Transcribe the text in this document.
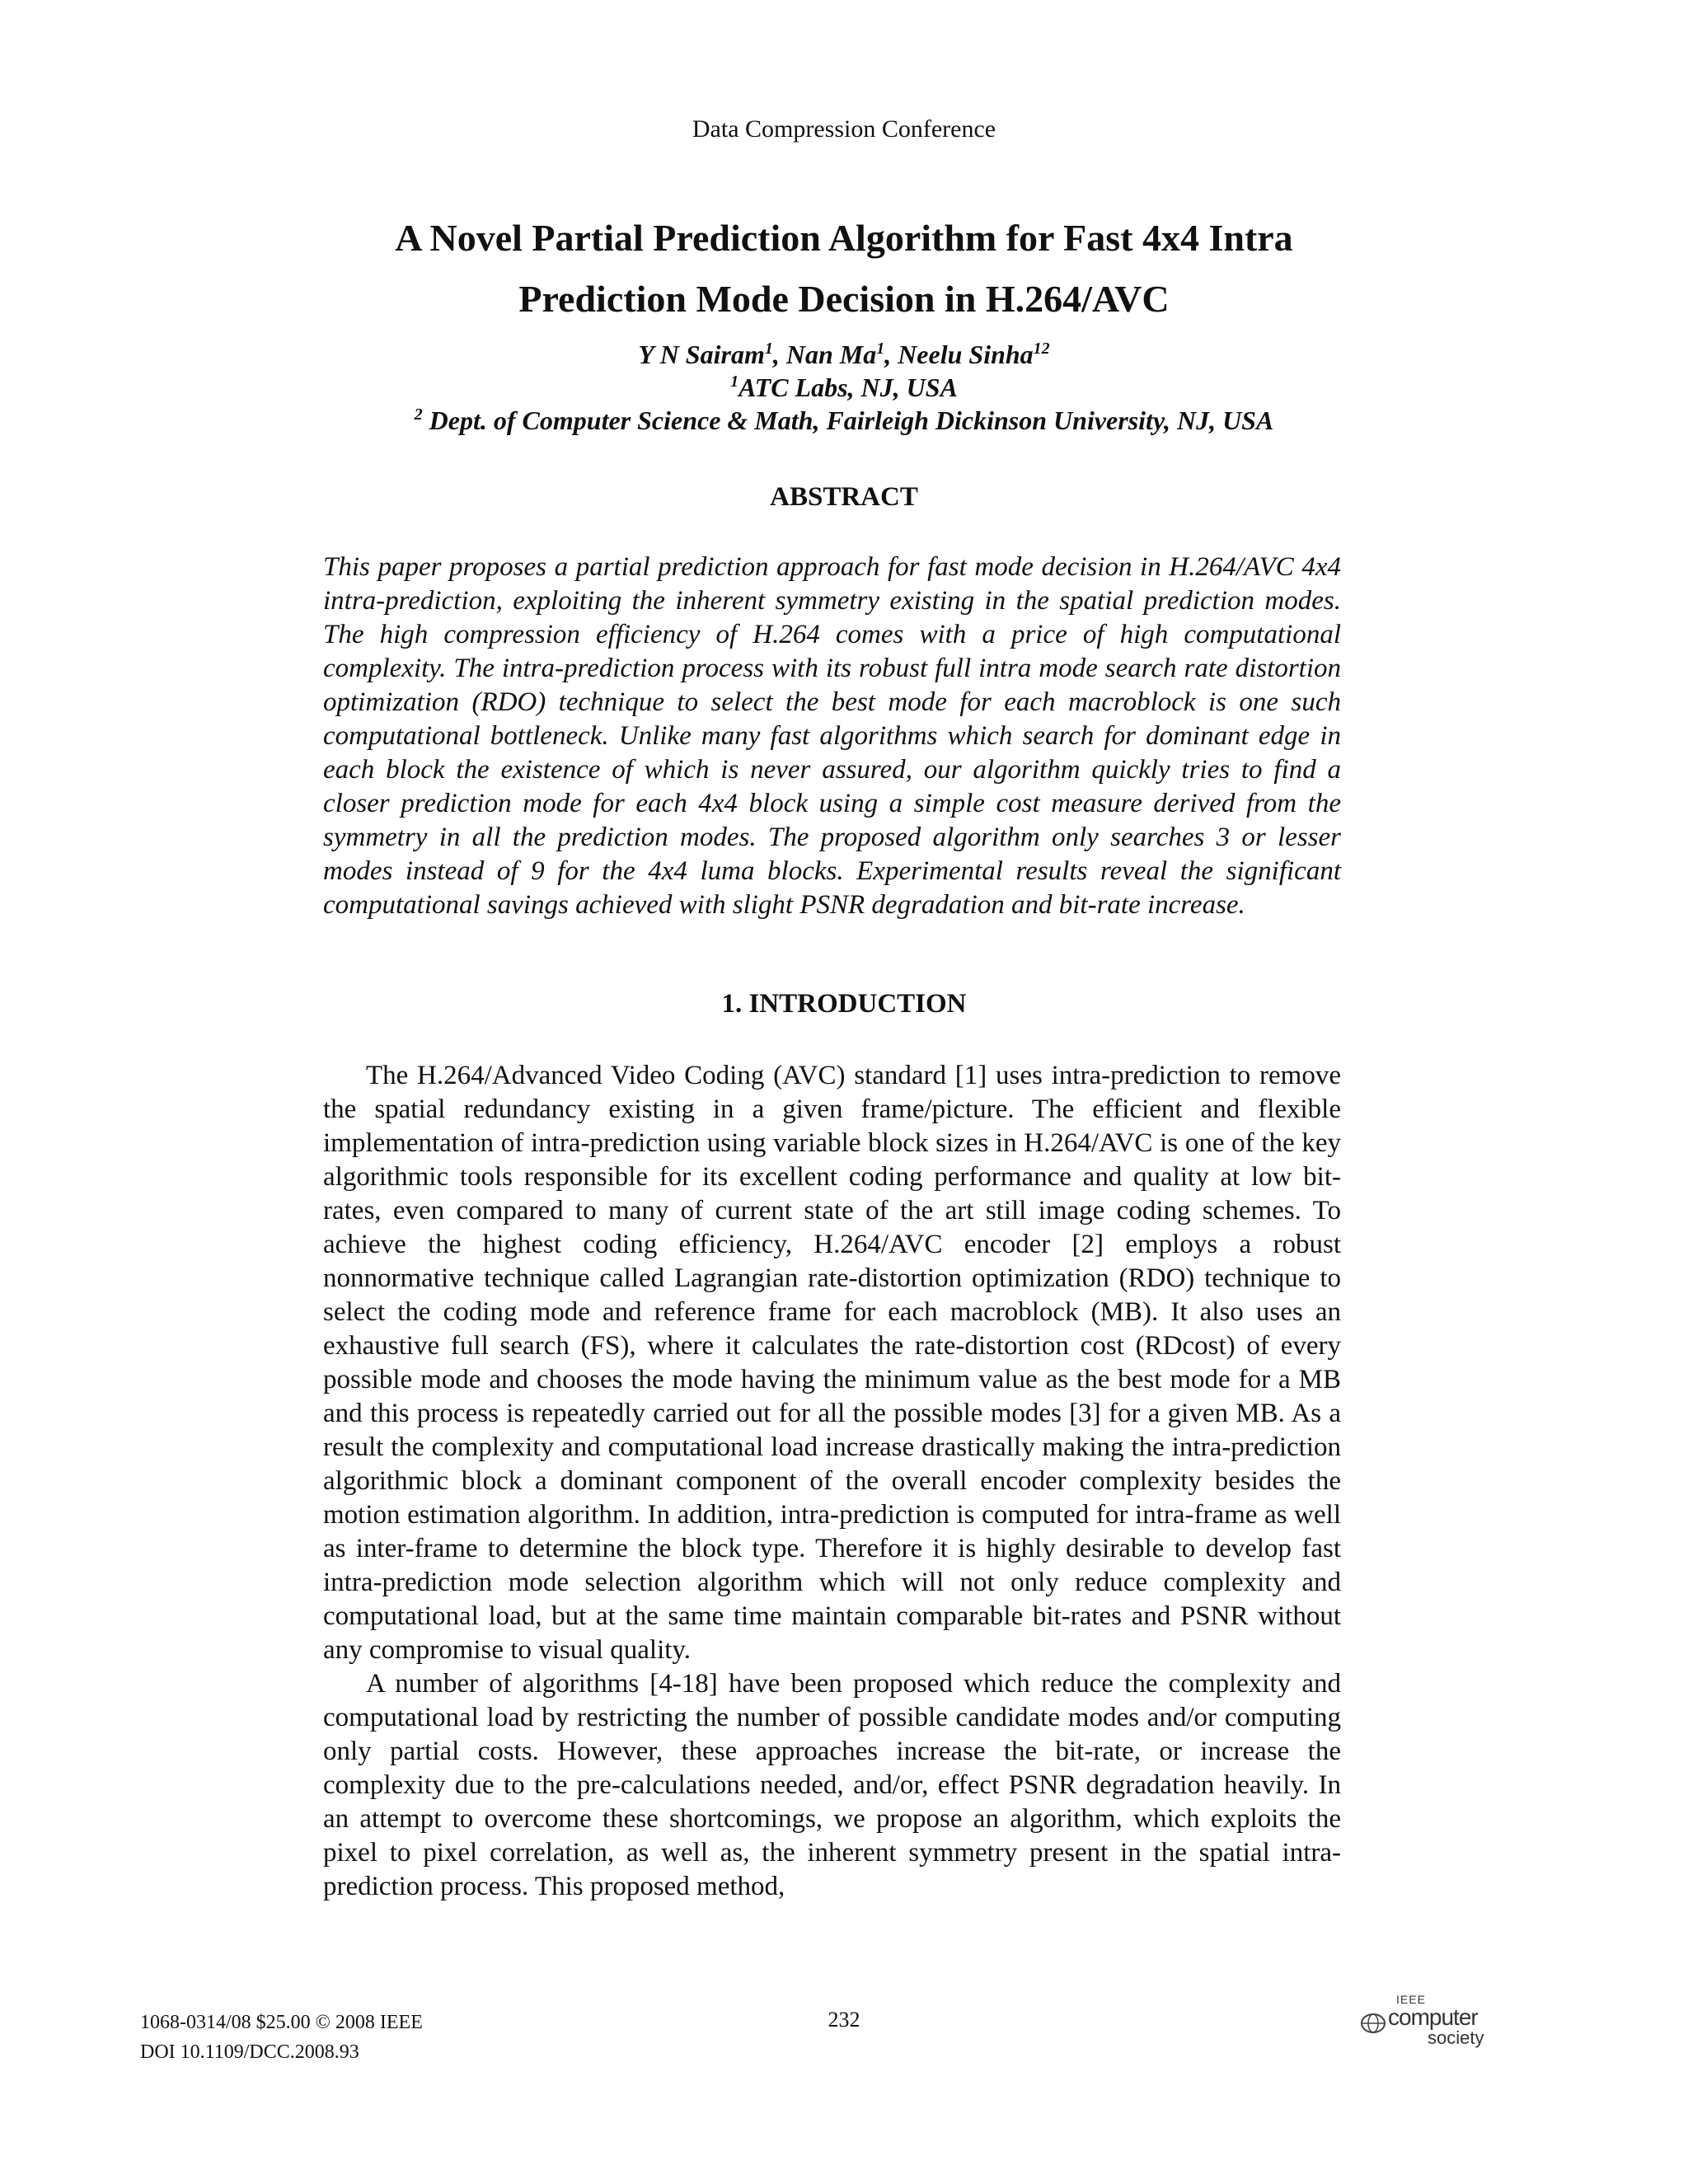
Data Compression Conference
A Novel Partial Prediction Algorithm for Fast 4x4 Intra
Prediction Mode Decision in H.264/AVC
Y N Sairam$^1$, Nan Ma$^1$, Neelu Sinha$^{12}$
$^1$ATC Labs, NJ, USA
$^2$ Dept. of Computer Science & Math, Fairleigh Dickinson University, NJ, USA
ABSTRACT

This paper proposes a partial prediction approach for fast mode decision in H.264/AVC 4x4 intra-prediction, exploiting the inherent symmetry existing in the spatial prediction modes. The high compression efficiency of H.264 comes with a price of high computational complexity. The intra-prediction process with its robust full intra mode search rate distortion optimization (RDO) technique to select the best mode for each macroblock is one such computational bottleneck. Unlike many fast algorithms which search for dominant edge in each block the existence of which is never assured, our algorithm quickly tries to find a closer prediction mode for each 4x4 block using a simple cost measure derived from the symmetry in all the prediction modes. The proposed algorithm only searches 3 or lesser modes instead of 9 for the 4x4 luma blocks. Experimental results reveal the significant computational savings achieved with slight PSNR degradation and bit-rate increase.

1. INTRODUCTION

The H.264/Advanced Video Coding (AVC) standard [1] uses intra-prediction to remove the spatial redundancy existing in a given frame/picture. The efficient and flexible implementation of intra-prediction using variable block sizes in H.264/AVC is one of the key algorithmic tools responsible for its excellent coding performance and quality at low bit-rates, even compared to many of current state of the art still image coding schemes. To achieve the highest coding efficiency, H.264/AVC encoder [2] employs a robust nonnormative technique called Lagrangian rate-distortion optimization (RDO) technique to select the coding mode and reference frame for each macroblock (MB). It also uses an exhaustive full search (FS), where it calculates the rate-distortion cost (RDcost) of every possible mode and chooses the mode having the minimum value as the best mode for a MB and this process is repeatedly carried out for all the possible modes [3] for a given MB. As a result the complexity and computational load increase drastically making the intra-prediction algorithmic block a dominant component of the overall encoder complexity besides the motion estimation algorithm. In addition, intra-prediction is computed for intra-frame as well as inter-frame to determine the block type. Therefore it is highly desirable to develop fast intra-prediction mode selection algorithm which will not only reduce complexity and computational load, but at the same time maintain comparable bit-rates and PSNR without any compromise to visual quality.

A number of algorithms [4-18] have been proposed which reduce the complexity and computational load by restricting the number of possible candidate modes and/or computing only partial costs. However, these approaches increase the bit-rate, or increase the complexity due to the pre-calculations needed, and/or, effect PSNR degradation heavily. In an attempt to overcome these shortcomings, we propose an algorithm, which exploits the pixel to pixel correlation, as well as, the inherent symmetry present in the spatial intra-prediction process. This proposed method,

1068-0314/08 $25.00 © 2008 IEEE
DOI 10.1109/DCC.2008.93
232
IEEE
computer
society
